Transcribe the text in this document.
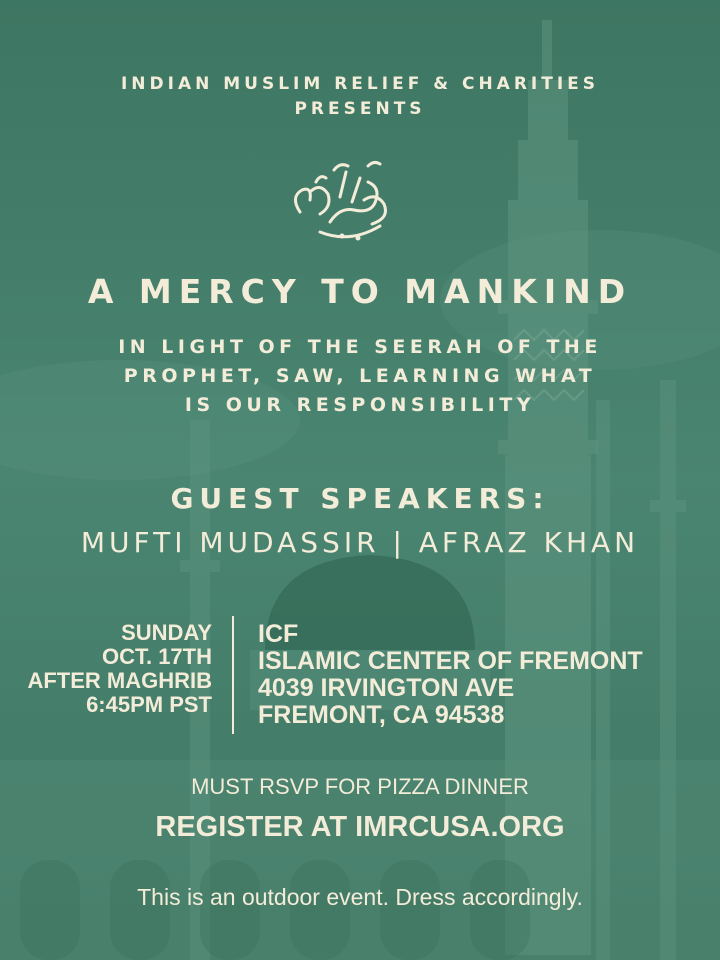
INDIAN MUSLIM RELIEF & CHARITIES
PRESENTS
A MERCY TO MANKIND
IN LIGHT OF THE SEERAH OF THE
PROPHET, SAW, LEARNING WHAT
IS OUR RESPONSIBILITY
GUEST SPEAKERS:
MUFTI MUDASSIR | AFRAZ KHAN
SUNDAY
OCT. 17TH
AFTER MAGHRIB
6:45PM PST
ICF
ISLAMIC CENTER OF FREMONT
4039 IRVINGTON AVE
FREMONT, CA 94538
MUST RSVP FOR PIZZA DINNER
REGISTER AT IMRCUSA.ORG
This is an outdoor event. Dress accordingly.
